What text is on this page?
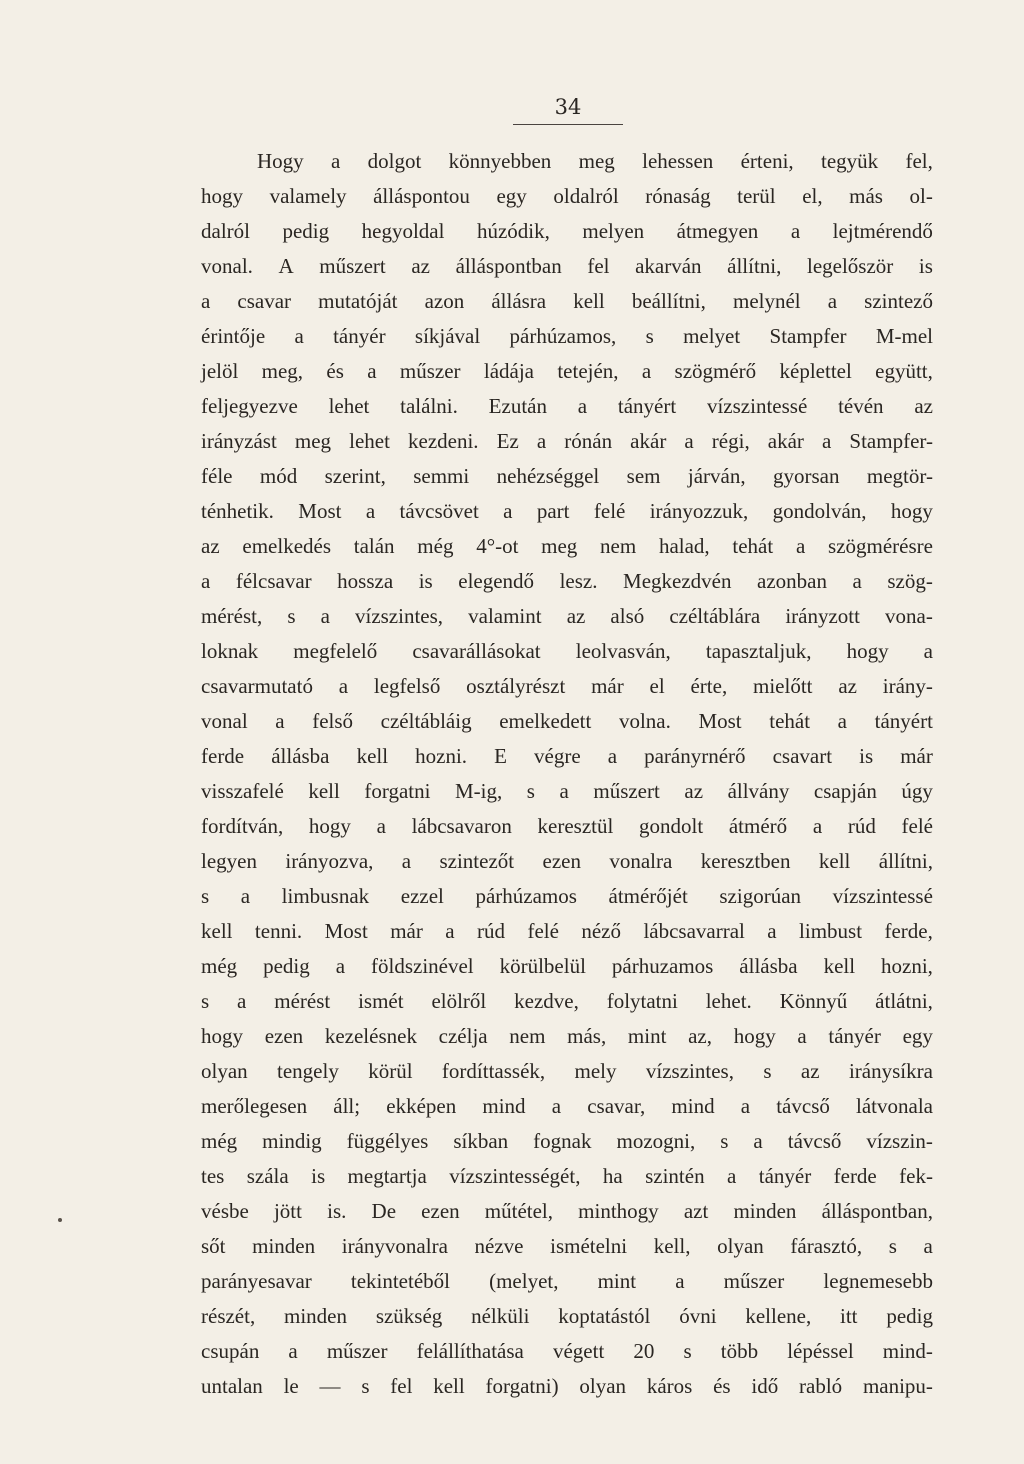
34
Hogy a dolgot könnyebben meg lehessen érteni, tegyük fel,
hogy valamely álláspontou egy oldalról rónaság terül el, más ol-
dalról pedig hegyoldal húzódik, melyen átmegyen a lejtmérendő
vonal. A műszert az álláspontban fel akarván állítni, legelőször is
a csavar mutatóját azon állásra kell beállítni, melynél a szintező
érintője a tányér síkjával párhúzamos, s melyet Stampfer M-mel
jelöl meg, és a műszer ládája tetején, a szögmérő képlettel együtt,
feljegyezve lehet találni. Ezután a tányért vízszintessé tévén az
irányzást meg lehet kezdeni. Ez a rónán akár a régi, akár a Stampfer-
féle mód szerint, semmi nehézséggel sem járván, gyorsan megtör-
ténhetik. Most a távcsövet a part felé irányozzuk, gondolván, hogy
az emelkedés talán még 4°-ot meg nem halad, tehát a szögmérésre
a félcsavar hossza is elegendő lesz. Megkezdvén azonban a szög-
mérést, s a vízszintes, valamint az alsó czéltáblára irányzott vona-
loknak megfelelő csavarállásokat leolvasván, tapasztaljuk, hogy a
csavarmutató a legfelső osztályrészt már el érte, mielőtt az irány-
vonal a felső czéltábláig emelkedett volna. Most tehát a tányért
ferde állásba kell hozni. E végre a parányrnérő csavart is már
visszafelé kell forgatni M-ig, s a műszert az állvány csapján úgy
fordítván, hogy a lábcsavaron keresztül gondolt átmérő a rúd felé
legyen irányozva, a szintezőt ezen vonalra keresztben kell állítni,
s a limbusnak ezzel párhúzamos átmérőjét szigorúan vízszintessé
kell tenni. Most már a rúd felé néző lábcsavarral a limbust ferde,
még pedig a földszinével körülbelül párhuzamos állásba kell hozni,
s a mérést ismét elölről kezdve, folytatni lehet. Könnyű átlátni,
hogy ezen kezelésnek czélja nem más, mint az, hogy a tányér egy
olyan tengely körül fordíttassék, mely vízszintes, s az iránysíkra
merőlegesen áll; ekképen mind a csavar, mind a távcső látvonala
még mindig függélyes síkban fognak mozogni, s a távcső vízszin-
tes szála is megtartja vízszintességét, ha szintén a tányér ferde fek-
vésbe jött is. De ezen műtétel, minthogy azt minden álláspontban,
sőt minden irányvonalra nézve ismételni kell, olyan fárasztó, s a
parányesavar tekintetéből (melyet, mint a műszer legnemesebb
részét, minden szükség nélküli koptatástól óvni kellene, itt pedig
csupán a műszer felállíthatása végett 20 s több lépéssel mind-
untalan le — s fel kell forgatni) olyan káros és idő rabló manipu-
